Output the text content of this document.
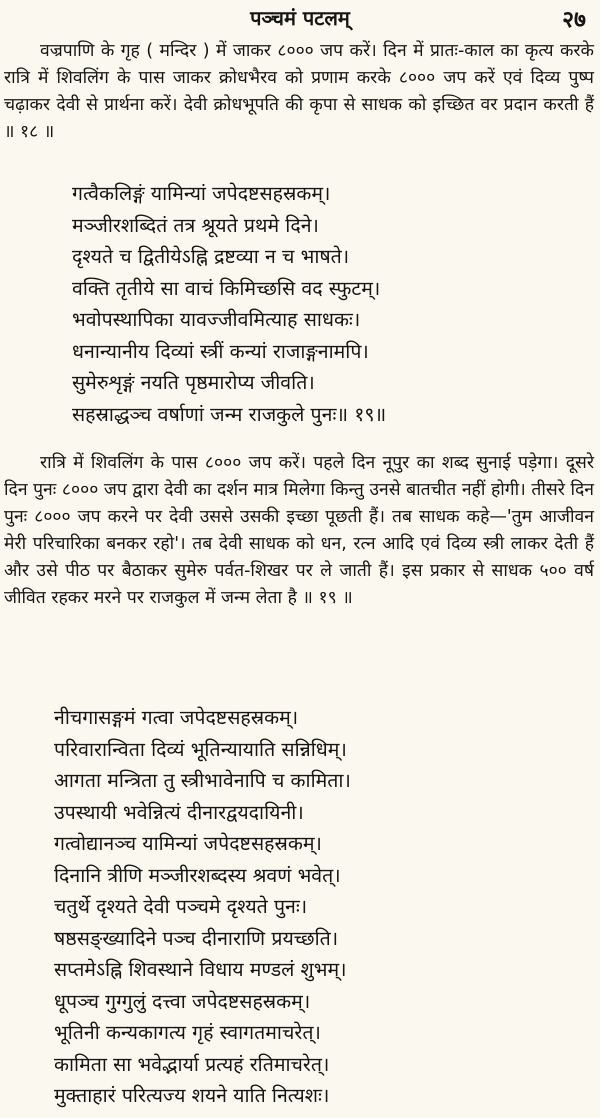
पञ्चमं पटलम्	२७

वज्रपाणि के गृह ( मन्दिर ) में जाकर ८००० जप करें। दिन में प्रातः-काल का कृत्य करके रात्रि में शिवलिंग के पास जाकर क्रोधभैरव को प्रणाम करके ८००० जप करें एवं दिव्य पुष्प चढ़ाकर देवी से प्रार्थना करें। देवी क्रोधभूपति की कृपा से साधक को इच्छित वर प्रदान करती हैं ॥ १८ ॥

गत्वैकलिङ्गं यामिन्यां जपेदष्टसहस्रकम्।
मञ्जीरशब्दितं तत्र श्रूयते प्रथमे दिने।
दृश्यते च द्वितीयेऽह्नि द्रष्टव्या न च भाषते।
वक्ति तृतीये सा वाचं किमिच्छसि वद स्फुटम्।
भवोपस्थापिका यावज्जीवमित्याह साधकः।
धनान्यानीय दिव्यां स्त्रीं कन्यां राजाङ्गनामपि।
सुमेरुशृङ्गं नयति पृष्ठमारोप्य जीवति।
सहस्राद्धञ्च वर्षाणां जन्म राजकुले पुनः॥ १९॥

रात्रि में शिवलिंग के पास ८००० जप करें। पहले दिन नूपुर का शब्द सुनाई पड़ेगा। दूसरे दिन पुनः ८००० जप द्वारा देवी का दर्शन मात्र मिलेगा किन्तु उनसे बातचीत नहीं होगी। तीसरे दिन पुनः ८००० जप करने पर देवी उससे उसकी इच्छा पूछती हैं। तब साधक कहे—'तुम आजीवन मेरी परिचारिका बनकर रहो'। तब देवी साधक को धन, रत्न आदि एवं दिव्य स्त्री लाकर देती हैं और उसे पीठ पर बैठाकर सुमेरु पर्वत-शिखर पर ले जाती हैं। इस प्रकार से साधक ५०० वर्ष जीवित रहकर मरने पर राजकुल में जन्म लेता है ॥ १९ ॥

नीचगासङ्गमं गत्वा जपेदष्टसहस्रकम्।
परिवारान्विता दिव्यं भूतिन्यायाति सन्निधिम्।
आगता मन्त्रिता तु स्त्रीभावेनापि च कामिता।
उपस्थायी भवेन्नित्यं दीनारद्वयदायिनी।
गत्वोद्यानञ्च यामिन्यां जपेदष्टसहस्रकम्।
दिनानि त्रीणि मञ्जीरशब्दस्य श्रवणं भवेत्।
चतुर्थे दृश्यते देवी पञ्चमे दृश्यते पुनः।
षष्ठसङ्ख्यादिने पञ्च दीनाराणि प्रयच्छति।
सप्तमेऽह्नि शिवस्थाने विधाय मण्डलं शुभम्।
धूपञ्च गुग्गुलुं दत्त्वा जपेदष्टसहस्रकम्।
भूतिनी कन्यकागत्य गृहं स्वागतमाचरेत्।
कामिता सा भवेद्भार्या प्रत्यहं रतिमाचरेत्।
मुक्ताहारं परित्यज्य शयने याति नित्यशः।
